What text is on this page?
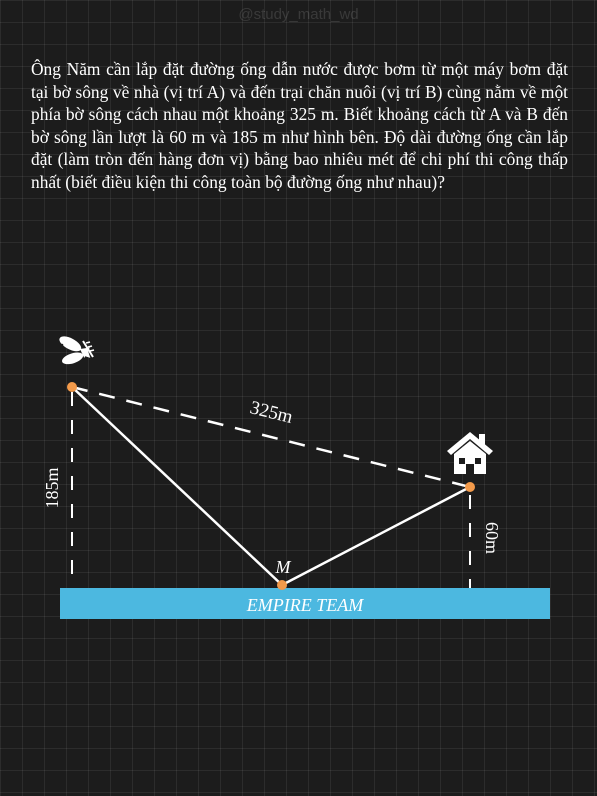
@study_math_wd

Ông Năm cần lắp đặt đường ống dẫn nước được bơm từ một máy bơm đặt tại bờ sông về nhà (vị trí A) và đến trại chăn nuôi (vị trí B) cùng nằm về một phía bờ sông cách nhau một khoảng 325 m. Biết khoảng cách từ A và B đến bờ sông lần lượt là 60 m và 185 m như hình bên. Độ dài đường ống cần lắp đặt (làm tròn đến hàng đơn vị) bằng bao nhiêu mét để chi phí thi công thấp nhất (biết điều kiện thi công toàn bộ đường ống như nhau)?

EMPIRE TEAM
325m
185m
60m
M
